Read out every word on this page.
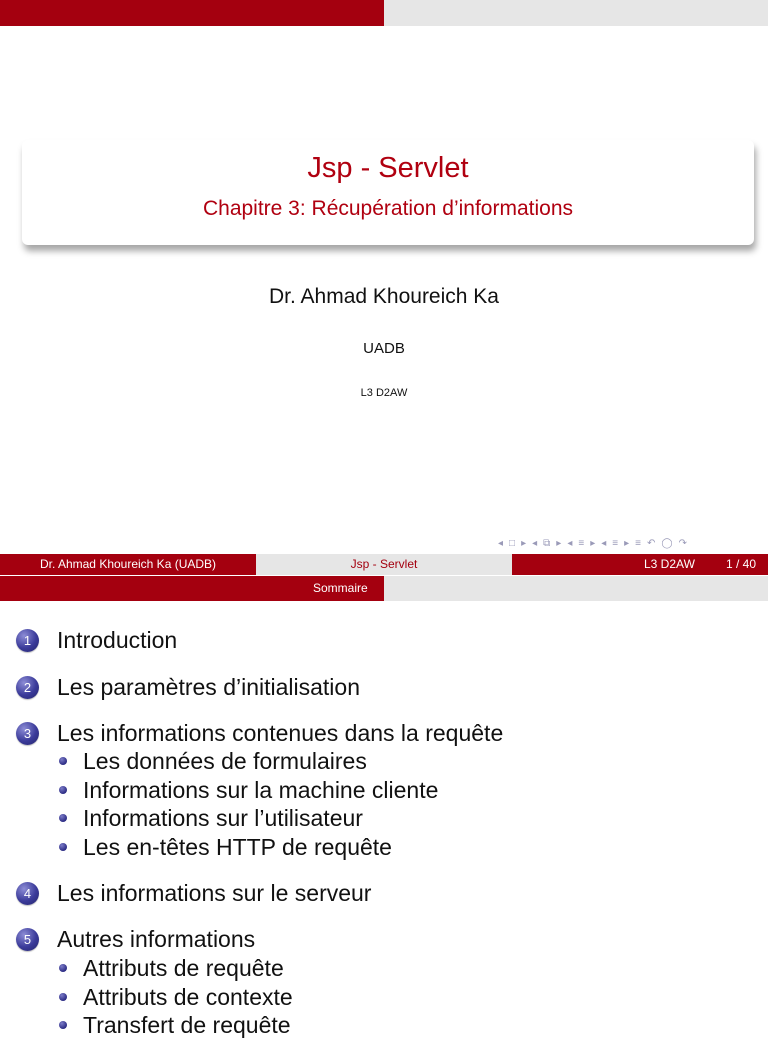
Jsp - Servlet
Chapitre 3: Récupération d’informations
Dr. Ahmad Khoureich Ka
UADB
L3 D2AW
◂ □ ▸ ◂ ⧉ ▸ ◂ ≡ ▸ ◂ ≡ ▸ ≡ ↶ ◯ ↷
Dr. Ahmad Khoureich Ka (UADB)	Jsp - Servlet	L3 D2AW	1 / 40
Sommaire
1	Introduction
2	Les paramètres d’initialisation
3	Les informations contenues dans la requête
Les données de formulaires
Informations sur la machine cliente
Informations sur l’utilisateur
Les en-têtes HTTP de requête
4	Les informations sur le serveur
5	Autres informations
Attributs de requête
Attributs de contexte
Transfert de requête
